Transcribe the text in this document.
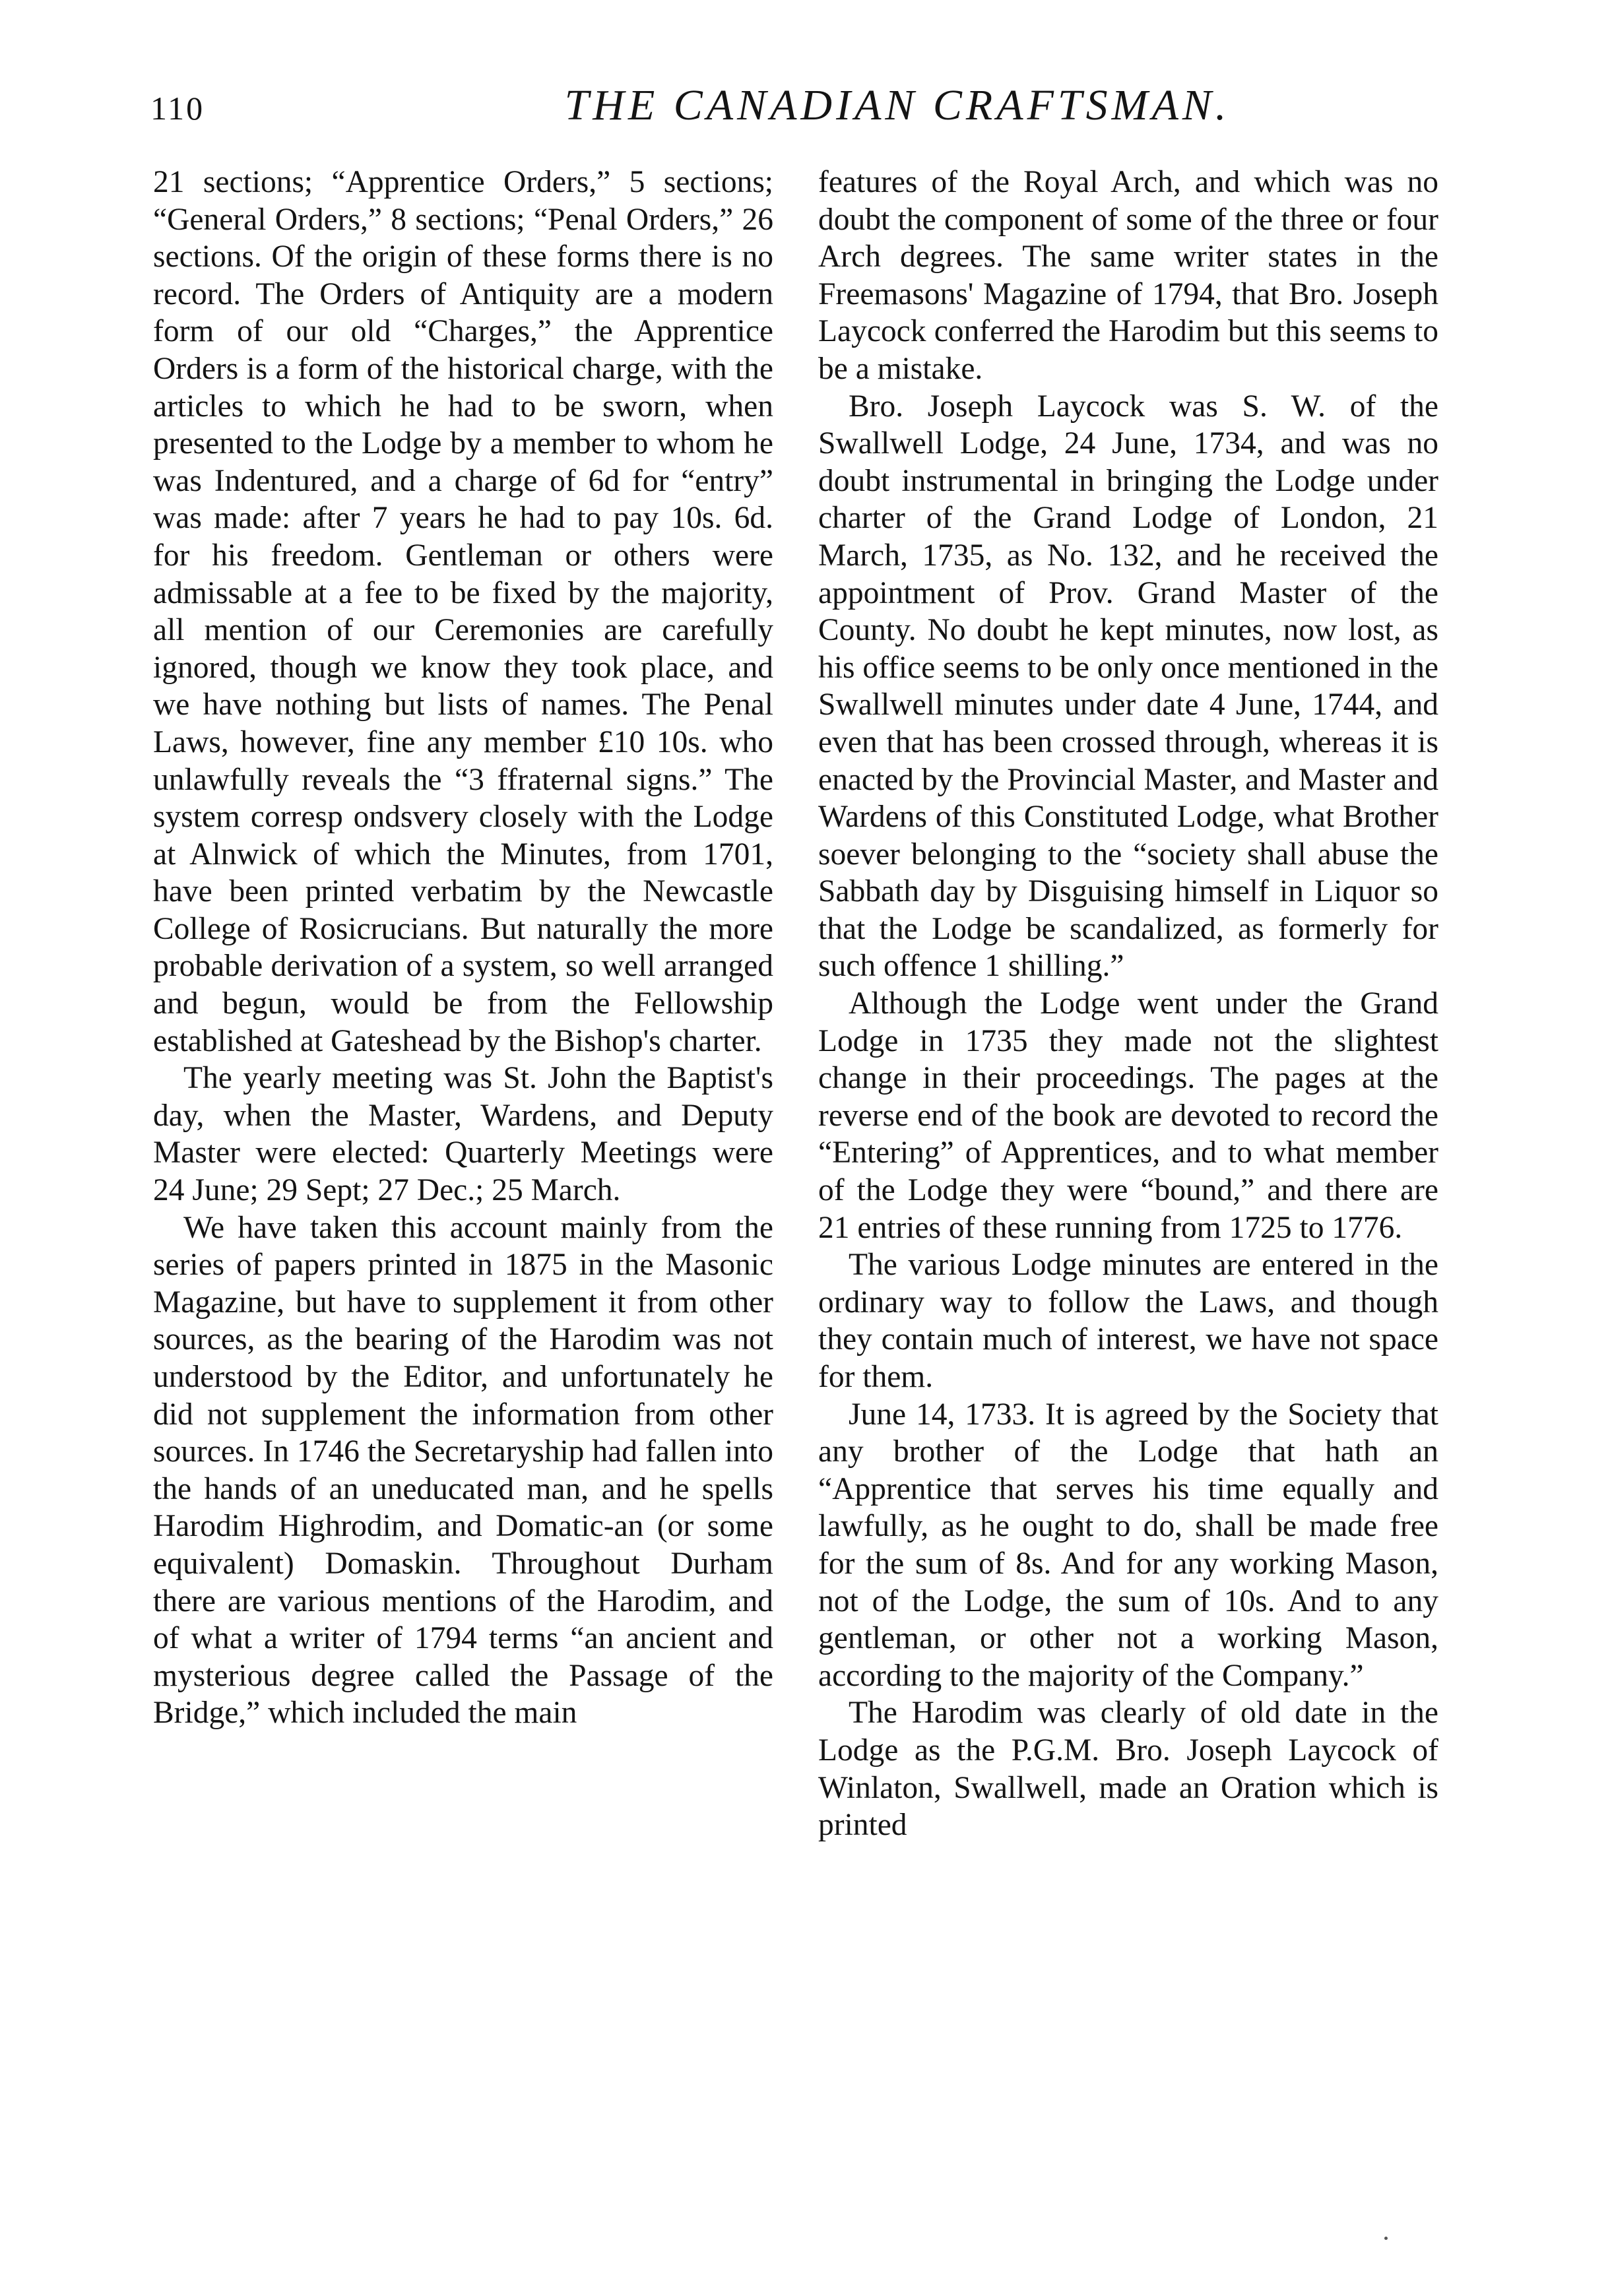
110	THE CANADIAN CRAFTSMAN.

21 sections; “Apprentice Orders,” 5 sections; “General Orders,” 8 sections; “Penal Orders,” 26 sections. Of the origin of these forms there is no record. The Orders of Antiquity are a modern form of our old “Charges,” the Apprentice Orders is a form of the historical charge, with the articles to which he had to be sworn, when presented to the Lodge by a member to whom he was Indentured, and a charge of 6d for “entry” was made: after 7 years he had to pay 10s. 6d. for his freedom. Gentleman or others were admissable at a fee to be fixed by the majority, all mention of our Ceremonies are carefully ignored, though we know they took place, and we have nothing but lists of names. The Penal Laws, however, fine any member £10 10s. who unlawfully reveals the “3 ffraternal signs.” The system corresp ondsvery closely with the Lodge at Alnwick of which the Minutes, from 1701, have been printed verbatim by the Newcastle College of Rosicrucians. But naturally the more probable derivation of a system, so well arranged and begun, would be from the Fellowship established at Gateshead by the Bishop's charter.

The yearly meeting was St. John the Baptist's day, when the Master, Wardens, and Deputy Master were elected: Quarterly Meetings were 24 June; 29 Sept; 27 Dec.; 25 March.

We have taken this account mainly from the series of papers printed in 1875 in the Masonic Magazine, but have to supplement it from other sources, as the bearing of the Harodim was not understood by the Editor, and unfortunately he did not supplement the information from other sources. In 1746 the Secretaryship had fallen into the hands of an uneducated man, and he spells Harodim Highrodim, and Domatic-an (or some equivalent) Domaskin. Throughout Durham there are various mentions of the Harodim, and of what a writer of 1794 terms “an ancient and mysterious degree called the Passage of the Bridge,” which included the main

features of the Royal Arch, and which was no doubt the component of some of the three or four Arch degrees. The same writer states in the Freemasons' Magazine of 1794, that Bro. Joseph Laycock conferred the Harodim but this seems to be a mistake.

Bro. Joseph Laycock was S. W. of the Swallwell Lodge, 24 June, 1734, and was no doubt instrumental in bringing the Lodge under charter of the Grand Lodge of London, 21 March, 1735, as No. 132, and he received the appointment of Prov. Grand Master of the County. No doubt he kept minutes, now lost, as his office seems to be only once mentioned in the Swallwell minutes under date 4 June, 1744, and even that has been crossed through, whereas it is enacted by the Provincial Master, and Master and Wardens of this Constituted Lodge, what Brother soever belonging to the “society shall abuse the Sabbath day by Disguising himself in Liquor so that the Lodge be scandalized, as formerly for such offence 1 shilling.”

Although the Lodge went under the Grand Lodge in 1735 they made not the slightest change in their proceedings. The pages at the reverse end of the book are devoted to record the “Entering” of Apprentices, and to what member of the Lodge they were “bound,” and there are 21 entries of these running from 1725 to 1776.

The various Lodge minutes are entered in the ordinary way to follow the Laws, and though they contain much of interest, we have not space for them.

June 14, 1733. It is agreed by the Society that any brother of the Lodge that hath an “Apprentice that serves his time equally and lawfully, as he ought to do, shall be made free for the sum of 8s. And for any working Mason, not of the Lodge, the sum of 10s. And to any gentleman, or other not a working Mason, according to the majority of the Company.”

The Harodim was clearly of old date in the Lodge as the P.G.M. Bro. Joseph Laycock of Winlaton, Swallwell, made an Oration which is printed
